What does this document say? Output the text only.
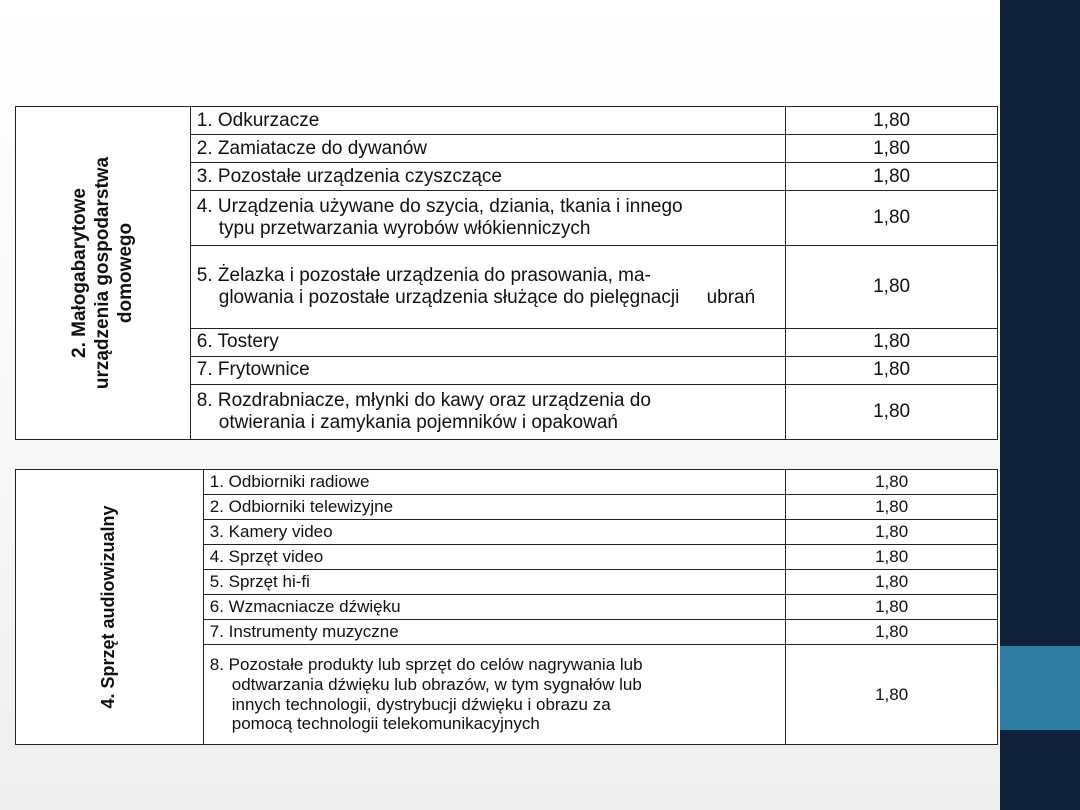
2. Małogabarytowe urządzenia gospodarstwa domowego	1. Odkurzacze	1,80
	2. Zamiatacze do dywanów	1,80
	3. Pozostałe urządzenia czyszczące	1,80

	4. Urządzenia używane do szycia, dziania, tkania i innego
typu przetwarzania wyrobów włókienniczych	1,80

	5. Żelazka i pozostałe urządzenia do prasowania, ma-
glowania i pozostałe urządzenia służące do pielęgnacji ubrań	1,80
	6. Tostery	1,80
	7. Frytownice	1,80

	8. Rozdrabniacze, młynki do kawy oraz urządzenia do
otwierania i zamykania pojemników i opakowań	1,80
4. Sprzęt audiowizualny	1. Odbiorniki radiowe	1,80
	2. Odbiorniki telewizyjne	1,80
	3. Kamery video	1,80
	4. Sprzęt video	1,80
	5. Sprzęt hi-fi	1,80
	6. Wzmacniacze dźwięku	1,80
	7. Instrumenty muzyczne	1,80

	8. Pozostałe produkty lub sprzęt do celów nagrywania lub
odtwarzania dźwięku lub obrazów, w tym sygnałów lub innych technologii, dystrybucji dźwięku i obrazu za pomocą technologii telekomunikacyjnych	1,80
